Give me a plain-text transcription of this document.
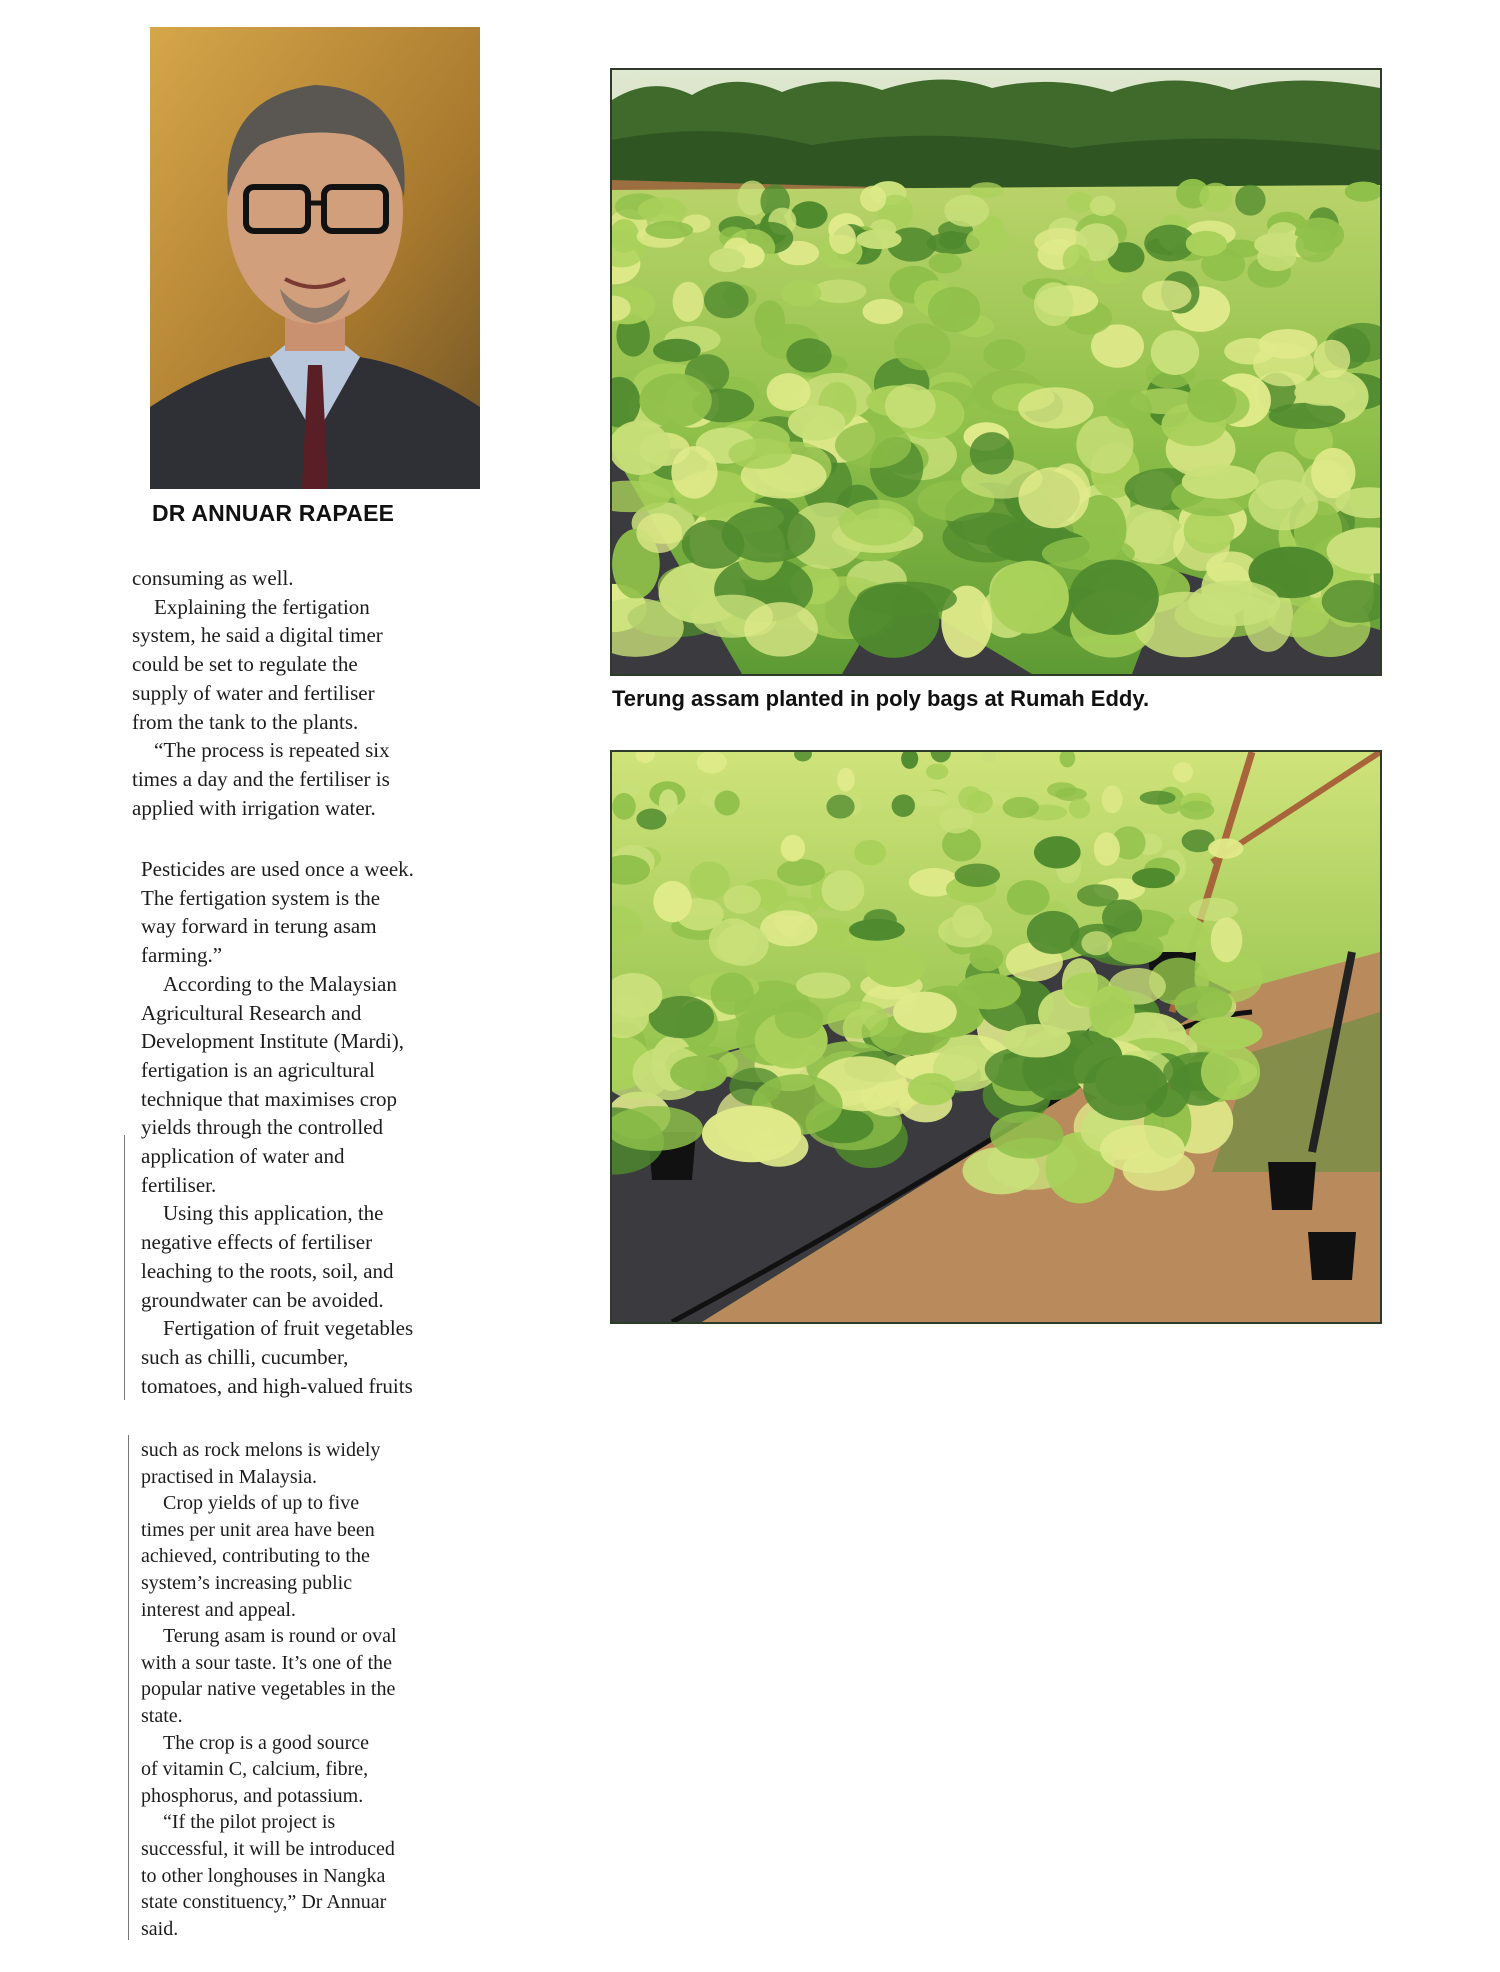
DR ANNUAR RAPAEE

consuming as well.

Explaining the fertigation
system, he said a digital timer
could be set to regulate the
supply of water and fertiliser
from the tank to the plants.

“The process is repeated six
times a day and the fertiliser is
applied with irrigation water.

Pesticides are used once a week.
The fertigation system is the
way forward in terung asam
farming.”

According to the Malaysian
Agricultural Research and
Development Institute (Mardi),
fertigation is an agricultural
technique that maximises crop
yields through the controlled
application of water and
fertiliser.

Using this application, the
negative effects of fertiliser
leaching to the roots, soil, and
groundwater can be avoided.

Fertigation of fruit vegetables
such as chilli, cucumber,
tomatoes, and high-valued fruits

such as rock melons is widely
practised in Malaysia.

Crop yields of up to five
times per unit area have been
achieved, contributing to the
system’s increasing public
interest and appeal.

Terung asam is round or oval
with a sour taste. It’s one of the
popular native vegetables in the
state.

The crop is a good source
of vitamin C, calcium, fibre,
phosphorus, and potassium.

“If the pilot project is
successful, it will be introduced
to other longhouses in Nangka
state constituency,” Dr Annuar
said.

Terung assam planted in poly bags at Rumah Eddy.
